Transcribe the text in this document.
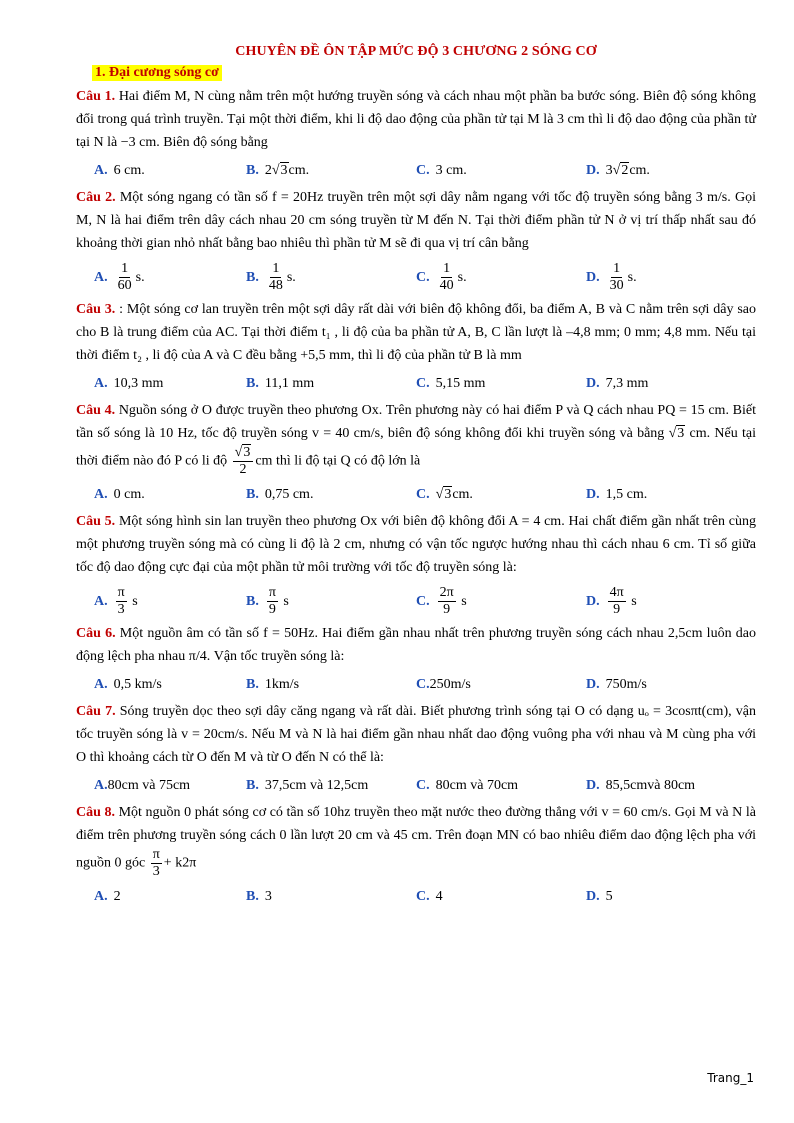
CHUYÊN ĐỀ ÔN TẬP MỨC ĐỘ 3 CHƯƠNG 2 SÓNG CƠ
1. Đại cương sóng cơ

Câu 1. Hai điểm M, N cùng nằm trên một hướng truyền sóng và cách nhau một phần ba bước sóng. Biên độ sóng không đổi trong quá trình truyền. Tại một thời điểm, khi li độ dao động của phần tử tại M là 3 cm thì li độ dao động của phần tử tại N là −3 cm. Biên độ sóng bằng

A. 6 cm.	B. 2 √3 cm.	C. 3 cm.	D. 3 √2 cm.

Câu 2. Một sóng ngang có tần số f = 20Hz truyền trên một sợi dây nằm ngang với tốc độ truyền sóng bằng 3 m/s. Gọi M, N là hai điểm trên dây cách nhau 20 cm sóng truyền từ M đến N. Tại thời điểm phần tử N ở vị trí thấp nhất sau đó khoảng thời gian nhỏ nhất bằng bao nhiêu thì phần tử M sẽ đi qua vị trí cân bằng

A. $\frac{1}{60} s$.	B. $\frac{1}{48} s$.	C. $\frac{1}{40} s$.	D. $\frac{1}{30} s$.

Câu 3. : Một sóng cơ lan truyền trên một sợi dây rất dài với biên độ không đổi, ba điểm A, B và C nằm trên sợi dây sao cho B là trung điểm của AC. Tại thời điểm t₁ , li độ của ba phần tử A, B, C lần lượt là –4,8 mm; 0 mm; 4,8 mm. Nếu tại thời điểm t₂ , li độ của A và C đều bằng +5,5 mm, thì li độ của phần tử B là mm

A. 10,3 mm	B. 11,1 mm	C. 5,15 mm	D. 7,3 mm

Câu 4. Nguồn sóng ở O được truyền theo phương Ox. Trên phương này có hai điểm P và Q cách nhau PQ = 15 cm. Biết tần số sóng là 10 Hz, tốc độ truyền sóng v = 40 cm/s, biên độ sóng không đổi khi truyền sóng và bằng √3 cm. Nếu tại thời điểm nào đó P có li độ $\frac{√3}{2}$ cm thì li độ tại Q có độ lớn là

A. 0 cm.	B. 0,75 cm.	C. √3 cm.	D. 1,5 cm.

Câu 5. Một sóng hình sin lan truyền theo phương Ox với biên độ không đổi A = 4 cm. Hai chất điểm gần nhất trên cùng một phương truyền sóng mà có cùng li độ là 2 cm, nhưng có vận tốc ngược hướng nhau thì cách nhau 6 cm. Tỉ số giữa tốc độ dao động cực đại của một phần tử môi trường với tốc độ truyền sóng là:

A. $\frac{\pi}{3}$
s	B. $\frac{\pi}{9}$
s	C. $\frac{2\pi}{9}$
s	D. $\frac{4\pi}{9}$
s

Câu 6. Một nguồn âm có tần số f = 50Hz. Hai điểm gần nhau nhất trên phương truyền sóng cách nhau 2,5cm luôn dao động lệch pha nhau π/4. Vận tốc truyền sóng là:

A. 0,5 km/s	B. 1km/s	C. 250m/s	D. 750m/s

Câu 7. Sóng truyền dọc theo sợi dây căng ngang và rất dài. Biết phương trình sóng tại O có dạng uₒ = 3cosπt(cm), vận tốc truyền sóng là v = 20cm/s. Nếu M và N là hai điểm gần nhau nhất dao động vuông pha với nhau và M cùng pha với O thì khoảng cách từ O đến M và từ O đến N có thể là:

A. 80cm và 75cm	B. 37,5cm và 12,5cm	C. 80cm và 70cm	D. 85,5cmvà 80cm

Câu 8. Một nguồn 0 phát sóng cơ có tần số 10hz truyền theo mặt nước theo đường thẳng với v = 60 cm/s. Gọi M và N là điểm trên phương truyền sóng cách 0 lần lượt 20 cm và 45 cm. Trên đoạn MN có bao nhiêu điểm dao động lệch pha với nguồn 0 góc $\frac{\pi}{3} + k2\pi$

A. 2	B. 3	C. 4	D. 5
Trang_1
